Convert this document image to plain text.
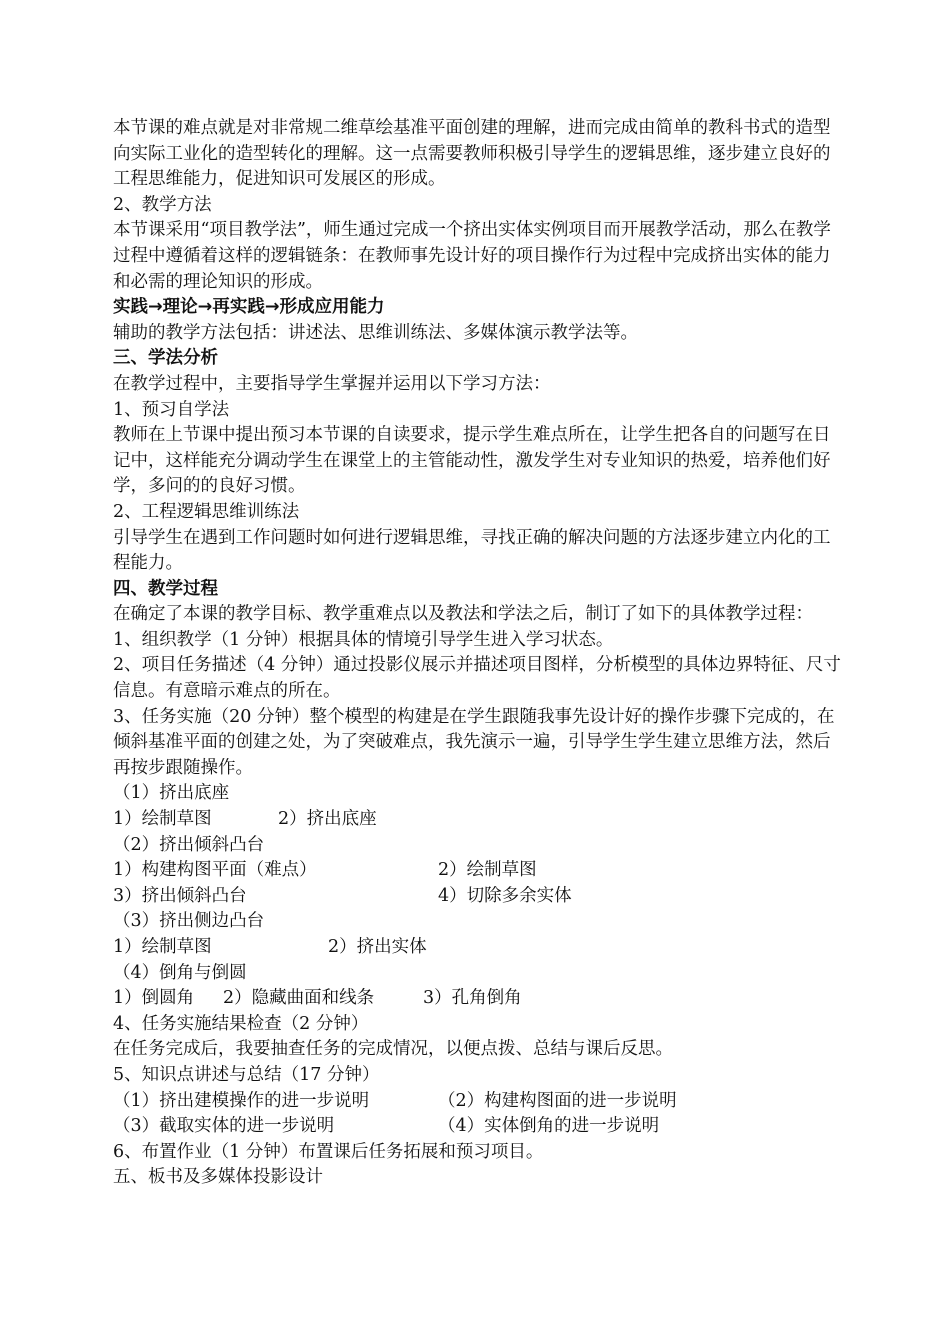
本节课的难点就是对非常规二维草绘基准平面创建的理解，进而完成由简单的教科书式的造型向实际工业化的造型转化的理解。这一点需要教师积极引导学生的逻辑思维，逐步建立良好的工程思维能力，促进知识可发展区的形成。

2、教学方法

本节课采用“项目教学法”，师生通过完成一个挤出实体实例项目而开展教学活动，那么在教学过程中遵循着这样的逻辑链条：在教师事先设计好的项目操作行为过程中完成挤出实体的能力和必需的理论知识的形成。

实践→理论→再实践→形成应用能力

辅助的教学方法包括：讲述法、思维训练法、多媒体演示教学法等。

三、学法分析

在教学过程中，主要指导学生掌握并运用以下学习方法：

1、预习自学法

教师在上节课中提出预习本节课的自读要求，提示学生难点所在，让学生把各自的问题写在日记中，这样能充分调动学生在课堂上的主管能动性，激发学生对专业知识的热爱，培养他们好学，多问的的良好习惯。

2、工程逻辑思维训练法

引导学生在遇到工作问题时如何进行逻辑思维，寻找正确的解决问题的方法逐步建立内化的工程能力。

四、教学过程

在确定了本课的教学目标、教学重难点以及教法和学法之后，制订了如下的具体教学过程：

1、组织教学（1 分钟）根据具体的情境引导学生进入学习状态。

2、项目任务描述（4 分钟）通过投影仪展示并描述项目图样，分析模型的具体边界特征、尺寸信息。有意暗示难点的所在。

3、任务实施（20 分钟）整个模型的构建是在学生跟随我事先设计好的操作步骤下完成的，在倾斜基准平面的创建之处，为了突破难点，我先演示一遍，引导学生学生建立思维方法，然后再按步跟随操作。

（1）挤出底座

1）绘制草图	2）挤出底座

（2）挤出倾斜凸台

1）构建构图平面（难点）	2）绘制草图
3）挤出倾斜凸台	4）切除多余实体

（3）挤出侧边凸台

1）绘制草图	2）挤出实体

（4）倒角与倒圆

1）倒圆角	2）隐藏曲面和线条	3）孔角倒角

4、任务实施结果检查（2 分钟）

在任务完成后，我要抽查任务的完成情况，以便点拨、总结与课后反思。

5、知识点讲述与总结（17 分钟）

（1）挤出建模操作的进一步说明	（2）构建构图面的进一步说明
（3）截取实体的进一步说明	（4）实体倒角的进一步说明

6、布置作业（1 分钟）布置课后任务拓展和预习项目。

五、板书及多媒体投影设计
